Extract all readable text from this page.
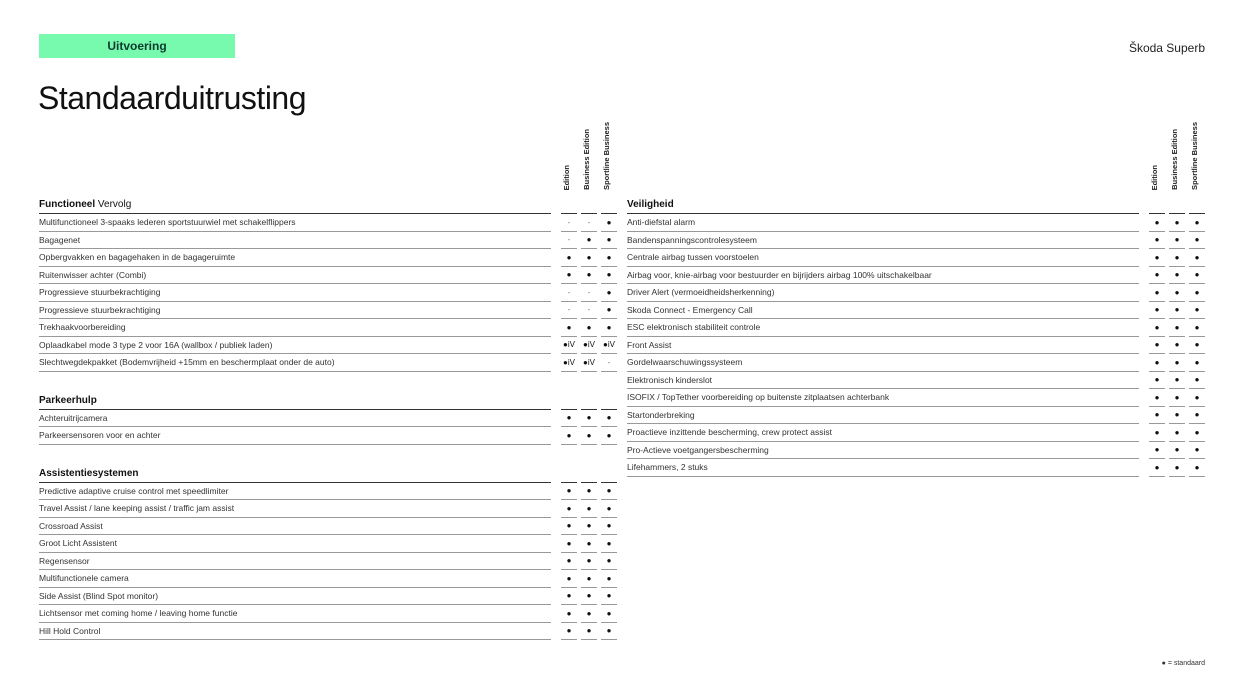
Uitvoering	Škoda Superb
Standaarduitrusting
Edition Business Edition Sportline Business
Functioneel Vervolg
Multifunctioneel 3-spaaks lederen sportstuurwiel met schakelflippers	-	-	●
Bagagenet	-	●	●
Opbergvakken en bagagehaken in de bagageruimte	●	●	●
Ruitenwisser achter (Combi)	●	●	●
Progressieve stuurbekrachtiging	-	-	●
Progressieve stuurbekrachtiging	-	-	●
Trekhaakvoorbereiding	●	●	●
Oplaadkabel mode 3 type 2 voor 16A (wallbox / publiek laden)	●iV ●iV ●iV
Slechtwegdekpakket (Bodemvrijheid +15mm en beschermplaat onder de auto)	●iV ●iV	-
Parkeerhulp
Achteruitrijcamera	●	●	●
Parkeersensoren voor en achter	●	●	●
Assistentiesystemen
Predictive adaptive cruise control met speedlimiter	●	●	●
Travel Assist / lane keeping assist / traffic jam assist	●	●	●
Crossroad Assist	●	●	●
Groot Licht Assistent	●	●	●
Regensensor	●	●	●
Multifunctionele camera	●	●	●
Side Assist (Blind Spot monitor)	●	●	●
Lichtsensor met coming home / leaving home functie	●	●	●
Hill Hold Control	●	●	●
Edition Business Edition Sportline Business
Veiligheid
Anti-diefstal alarm	●	●	●
Bandenspanningscontrolesysteem	●	●	●
Centrale airbag tussen voorstoelen	●	●	●
Airbag voor, knie-airbag voor bestuurder en bijrijders airbag 100% uitschakelbaar	●	●	●
Driver Alert (vermoeidheidsherkenning)	●	●	●
Skoda Connect - Emergency Call	●	●	●
ESC elektronisch stabiliteit controle	●	●	●
Front Assist	●	●	●
Gordelwaarschuwingssysteem	●	●	●
Elektronisch kinderslot	●	●	●
ISOFIX / TopTether voorbereiding op buitenste zitplaatsen achterbank	●	●	●
Startonderbreking	●	●	●
Proactieve inzittende bescherming, crew protect assist	●	●	●
Pro-Actieve voetgangersbescherming	●	●	●
Lifehammers, 2 stuks	●	●	●
● = standaard
